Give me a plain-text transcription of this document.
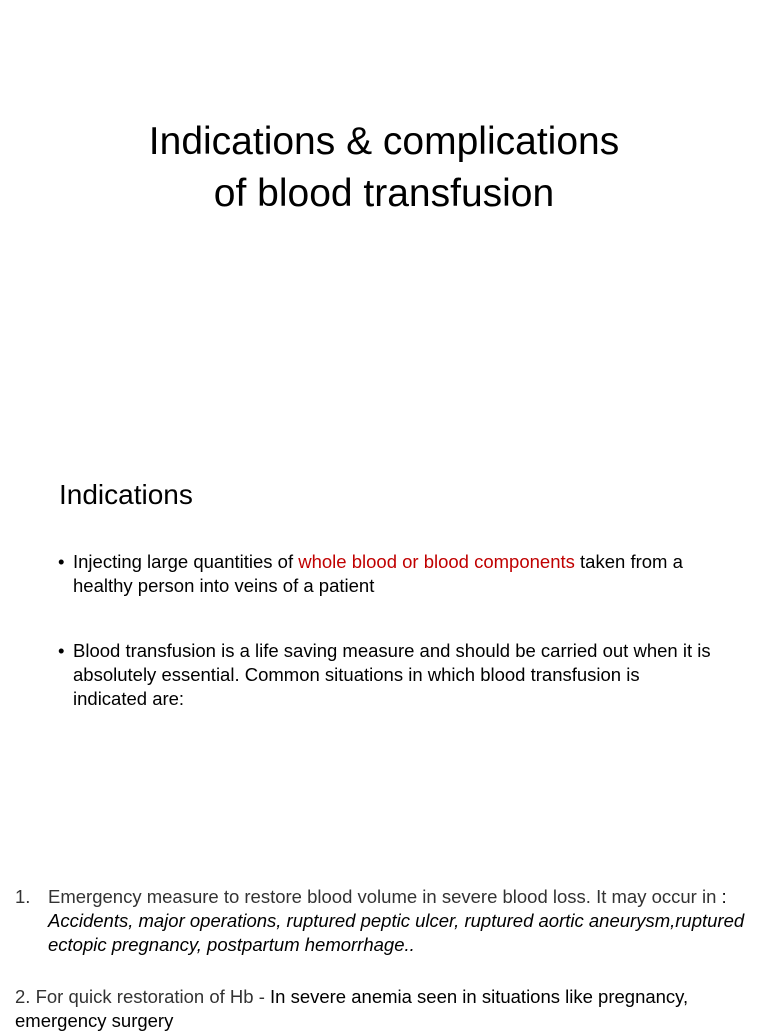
Indications & complications
of blood transfusion
Indications
• Injecting large quantities of whole blood or blood components taken from a healthy person into veins of a patient
• Blood transfusion is a life saving measure and should be carried out when it is absolutely essential. Common situations in which blood transfusion is indicated are:
1. Emergency measure to restore blood volume in severe blood loss. It may occur in : Accidents, major operations, ruptured peptic ulcer, ruptured aortic aneurysm,ruptured ectopic pregnancy, postpartum hemorrhage..
2. For quick restoration of Hb - In severe anemia seen in situations like pregnancy, emergency surgery
